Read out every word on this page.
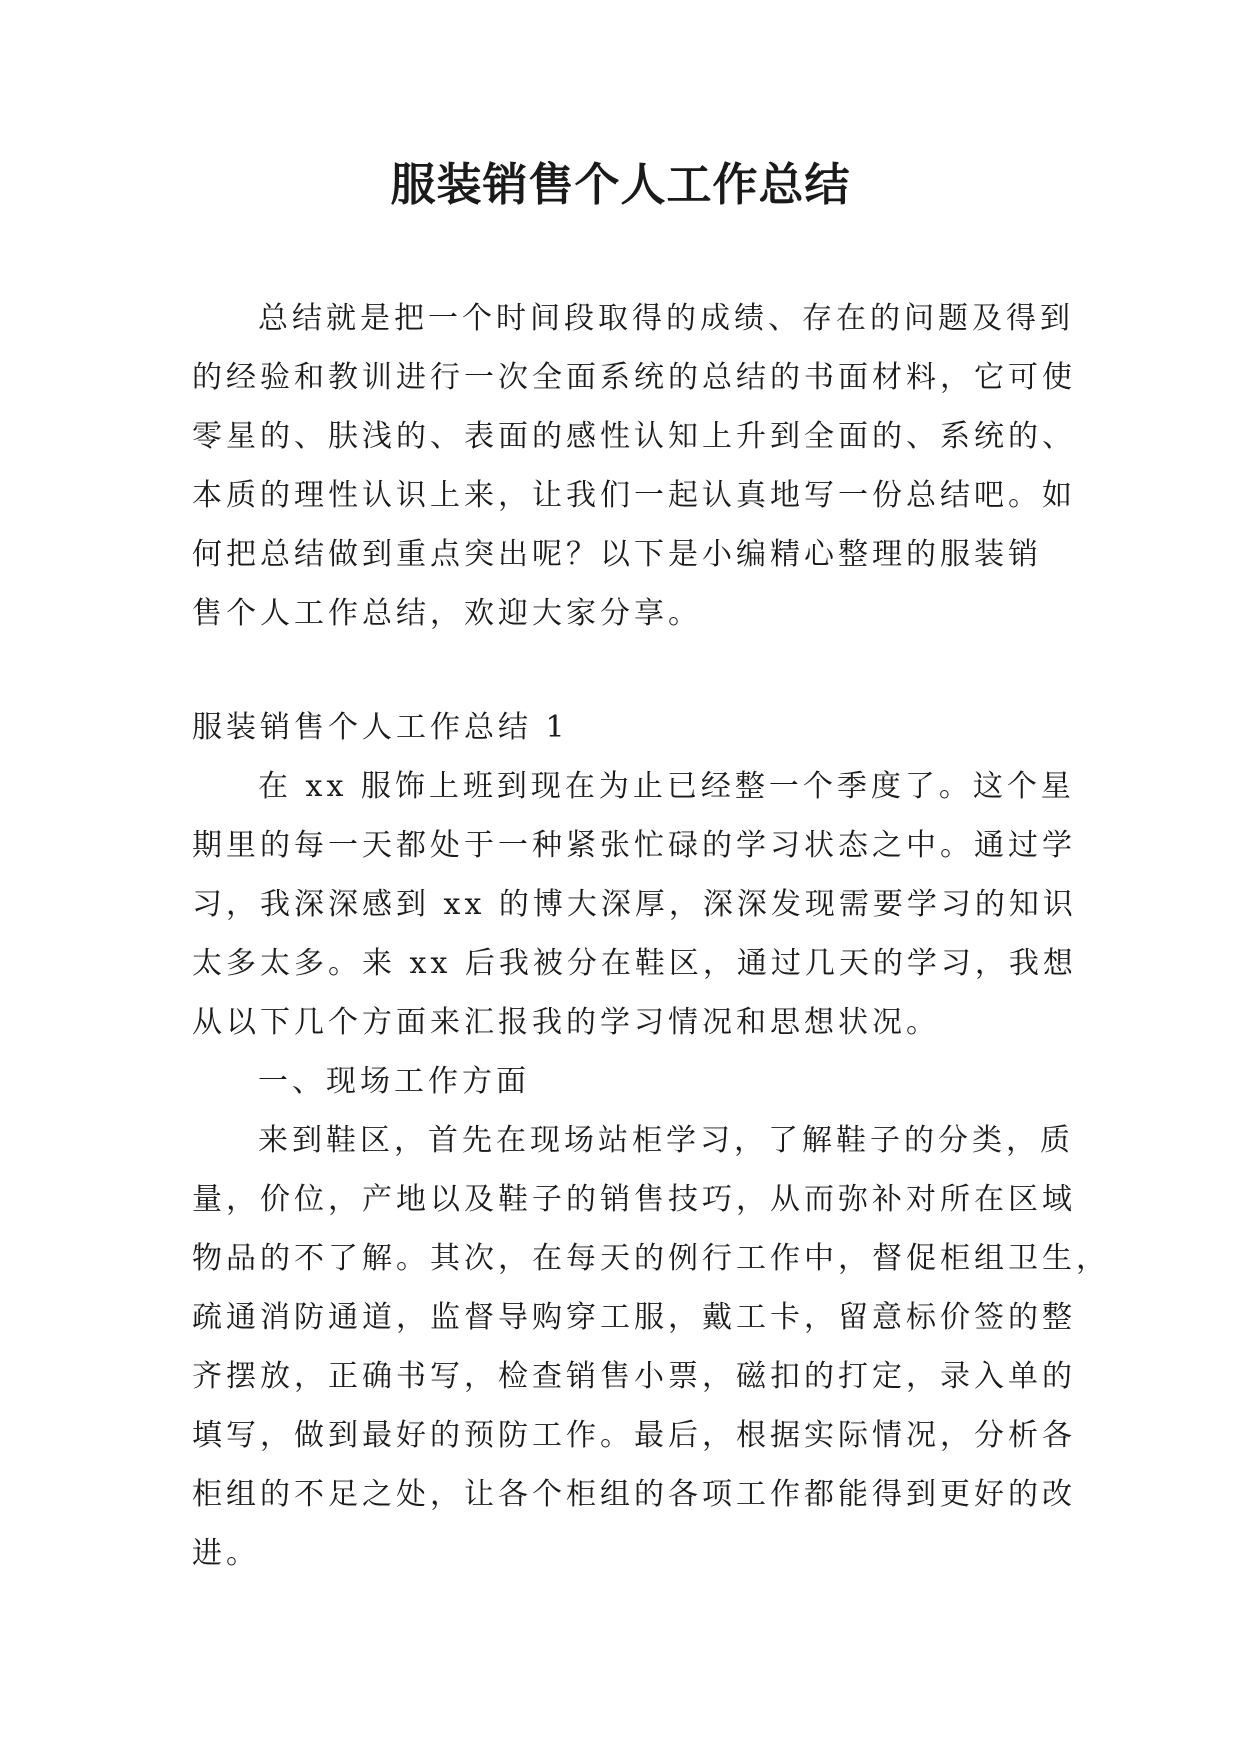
服装销售个人工作总结
总结就是把一个时间段取得的成绩、存在的问题及得到
的经验和教训进行一次全面系统的总结的书面材料，它可使
零星的、肤浅的、表面的感性认知上升到全面的、系统的、
本质的理性认识上来，让我们一起认真地写一份总结吧。如
何把总结做到重点突出呢？以下是小编精心整理的服装销
售个人工作总结，欢迎大家分享。
服装销售个人工作总结 1
在 xx 服饰上班到现在为止已经整一个季度了。这个星
期里的每一天都处于一种紧张忙碌的学习状态之中。通过学
习，我深深感到 xx 的博大深厚，深深发现需要学习的知识
太多太多。来 xx 后我被分在鞋区，通过几天的学习，我想
从以下几个方面来汇报我的学习情况和思想状况。
一、现场工作方面
来到鞋区，首先在现场站柜学习，了解鞋子的分类，质
量，价位，产地以及鞋子的销售技巧，从而弥补对所在区域
物品的不了解。其次，在每天的例行工作中，督促柜组卫生，
疏通消防通道，监督导购穿工服，戴工卡，留意标价签的整
齐摆放，正确书写，检查销售小票，磁扣的打定，录入单的
填写，做到最好的预防工作。最后，根据实际情况，分析各
柜组的不足之处，让各个柜组的各项工作都能得到更好的改
进。
